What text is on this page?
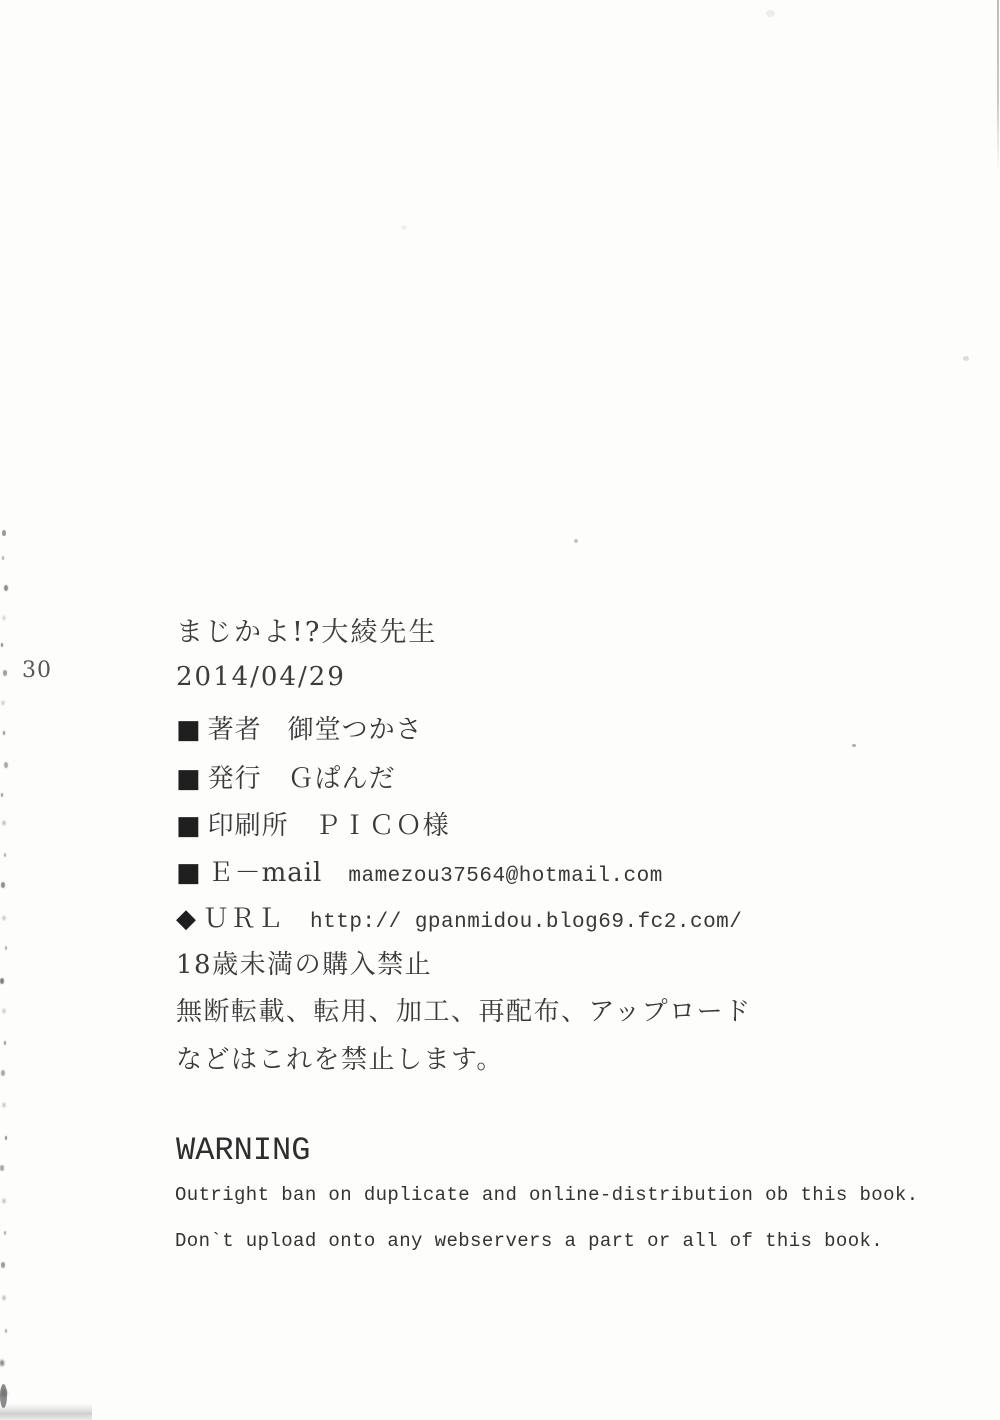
30
まじかよ!?大綾先生
2014/04/29
■ 著者 御堂つかさ
■ 発行 Ｇぱんだ
■ 印刷所 ＰＩＣＯ様
■ Ｅ－mail mamezou37564@hotmail.com
◆ ＵＲＬ http:// gpanmidou.blog69.fc2.com/
18歳未満の購入禁止
無断転載、転用、加工、再配布、アップロード
などはこれを禁止します。
WARNING
Outright ban on duplicate and online-distribution ob this book.
Don`t upload onto any webservers a part or all of this book.
